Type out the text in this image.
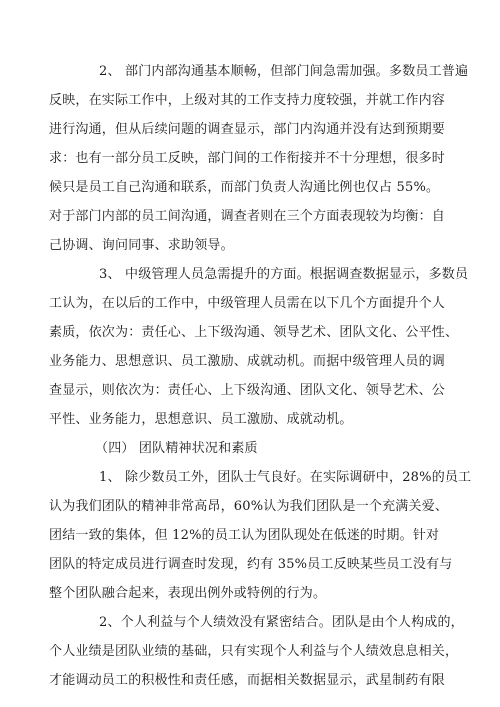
2、 部门内部沟通基本顺畅，但部门间急需加强。多数员工普遍
反映，在实际工作中，上级对其的工作支持力度较强，并就工作内容
进行沟通，但从后续问题的调查显示，部门内沟通并没有达到预期要
求：也有一部分员工反映，部门间的工作衔接并不十分理想，很多时
候只是员工自己沟通和联系，而部门负责人沟通比例也仅占 55%。
对于部门内部的员工间沟通，调查者则在三个方面表现较为均衡：自
己协调、询问同事、求助领导。
3、 中级管理人员急需提升的方面。根据调查数据显示，多数员
工认为，在以后的工作中，中级管理人员需在以下几个方面提升个人
素质，依次为：责任心、上下级沟通、领导艺术、团队文化、公平性、
业务能力、思想意识、员工激励、成就动机。而据中级管理人员的调
查显示，则依次为：责任心、上下级沟通、团队文化、领导艺术、公
平性、业务能力，思想意识、员工激励、成就动机。
（四） 团队精神状况和素质
1、 除少数员工外，团队士气良好。在实际调研中，28%的员工
认为我们团队的精神非常高昂，60%认为我们团队是一个充满关爱、
团结一致的集体，但 12%的员工认为团队现处在低迷的时期。针对
团队的特定成员进行调查时发现，约有 35%员工反映某些员工没有与
整个团队融合起来，表现出例外或特例的行为。
2、个人利益与个人绩效没有紧密结合。团队是由个人构成的，
个人业绩是团队业绩的基础，只有实现个人利益与个人绩效息息相关，
才能调动员工的积极性和责任感，而据相关数据显示，武星制药有限
